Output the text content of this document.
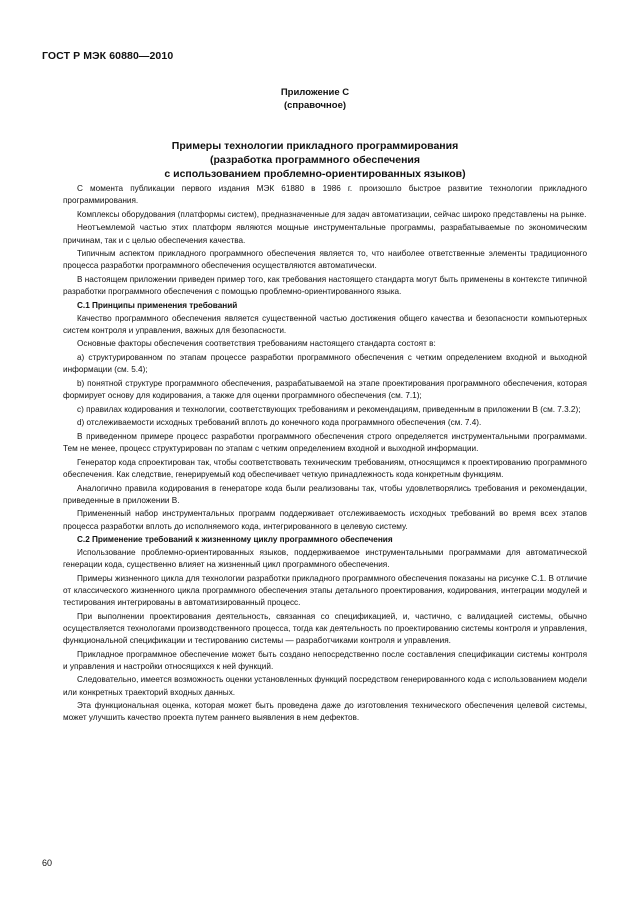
ГОСТ Р МЭК 60880—2010
Приложение С
(справочное)
Примеры технологии прикладного программирования
(разработка программного обеспечения
с использованием проблемно-ориентированных языков)

С момента публикации первого издания МЭК 61880 в 1986 г. произошло быстрое развитие технологии прикладного программирования.

Комплексы оборудования (платформы систем), предназначенные для задач автоматизации, сейчас широко представлены на рынке.

Неотъемлемой частью этих платформ являются мощные инструментальные программы, разрабатываемые по экономическим причинам, так и с целью обеспечения качества.

Типичным аспектом прикладного программного обеспечения является то, что наиболее ответственные элементы традиционного процесса разработки программного обеспечения осуществляются автоматически.

В настоящем приложении приведен пример того, как требования настоящего стандарта могут быть применены в контексте типичной разработки программного обеспечения с помощью проблемно-ориентированного языка.

С.1 Принципы применения требований

Качество программного обеспечения является существенной частью достижения общего качества и безопасности компьютерных систем контроля и управления, важных для безопасности.

Основные факторы обеспечения соответствия требованиям настоящего стандарта состоят в:

а) структурированном по этапам процессе разработки программного обеспечения с четким определением входной и выходной информации (см. 5.4);

b) понятной структуре программного обеспечения, разрабатываемой на этапе проектирования программного обеспечения, которая формирует основу для кодирования, а также для оценки программного обеспечения (см. 7.1);

c) правилах кодирования и технологии, соответствующих требованиям и рекомендациям, приведенным в приложении В (см. 7.3.2);

d) отслеживаемости исходных требований вплоть до конечного кода программного обеспечения (см. 7.4).

В приведенном примере процесс разработки программного обеспечения строго определяется инструментальными программами. Тем не менее, процесс структурирован по этапам с четким определением входной и выходной информации.

Генератор кода спроектирован так, чтобы соответствовать техническим требованиям, относящимся к проектированию программного обеспечения. Как следствие, генерируемый код обеспечивает четкую принадлежность кода конкретным функциям.

Аналогично правила кодирования в генераторе кода были реализованы так, чтобы удовлетворялись требования и рекомендации, приведенные в приложении В.

Примененный набор инструментальных программ поддерживает отслеживаемость исходных требований во время всех этапов процесса разработки вплоть до исполняемого кода, интегрированного в целевую систему.

С.2 Применение требований к жизненному циклу программного обеспечения

Использование проблемно-ориентированных языков, поддерживаемое инструментальными программами для автоматической генерации кода, существенно влияет на жизненный цикл программного обеспечения.

Примеры жизненного цикла для технологии разработки прикладного программного обеспечения показаны на рисунке С.1. В отличие от классического жизненного цикла программного обеспечения этапы детального проектирования, кодирования, интеграции модулей и тестирования интегрированы в автоматизированный процесс.

При выполнении проектирования деятельность, связанная со спецификацией, и, частично, с валидацией системы, обычно осуществляется технологами производственного процесса, тогда как деятельность по проектированию системы контроля и управления, функциональной спецификации и тестированию системы — разработчиками контроля и управления.

Прикладное программное обеспечение может быть создано непосредственно после составления спецификации системы контроля и управления и настройки относящихся к ней функций.

Следовательно, имеется возможность оценки установленных функций посредством генерированного кода с использованием модели или конкретных траекторий входных данных.

Эта функциональная оценка, которая может быть проведена даже до изготовления технического обеспечения целевой системы, может улучшить качество проекта путем раннего выявления в нем дефектов.

60
